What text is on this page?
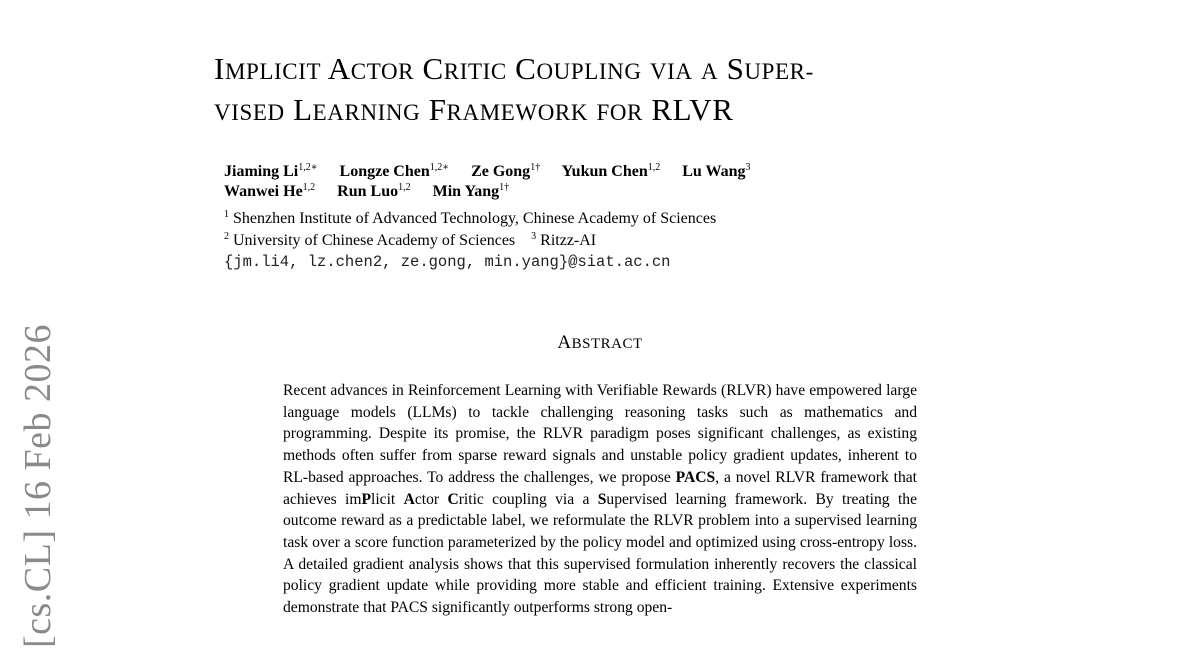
[cs.CL] 16 Feb 2026
IMPLICIT ACTOR CRITIC COUPLING VIA A SUPER-
VISED LEARNING FRAMEWORK FOR RLVR
Jiaming $Li^{1,2∗}$ Longze Chen$^{1,2∗}$ Ze Gong$^{1\dagger}$ Yukun Chen$^{1,2}$ Lu Wang$^3$
Wanwei He$^{1,2}$ Run Luo$^{1,2}$ Min Yang$^{1\dagger}$
$^1$ Shenzhen Institute of Advanced Technology, Chinese Academy of Sciences
$^2$ University of Chinese Academy of Sciences $^3$ Ritzz-AI
{jm.li4, lz.chen2, ze.gong, min.yang}@siat.ac.cn
ABSTRACT
Recent advances in Reinforcement Learning with Verifiable Rewards (RLVR) have empowered large language models (LLMs) to tackle challenging reasoning tasks such as mathematics and programming. Despite its promise, the RLVR paradigm poses significant challenges, as existing methods often suffer from sparse reward signals and unstable policy gradient updates, inherent to RL-based approaches. To address the challenges, we propose PACS, a novel RLVR framework that achieves imPlicit Actor Critic coupling via a Supervised learning framework. By treating the outcome reward as a predictable label, we reformulate the RLVR problem into a supervised learning task over a score function parameterized by the policy model and optimized using cross-entropy loss. A detailed gradient analysis shows that this supervised formulation inherently recovers the classical policy gradient update while providing more stable and efficient training. Extensive experiments demonstrate that PACS significantly outperforms strong open-
